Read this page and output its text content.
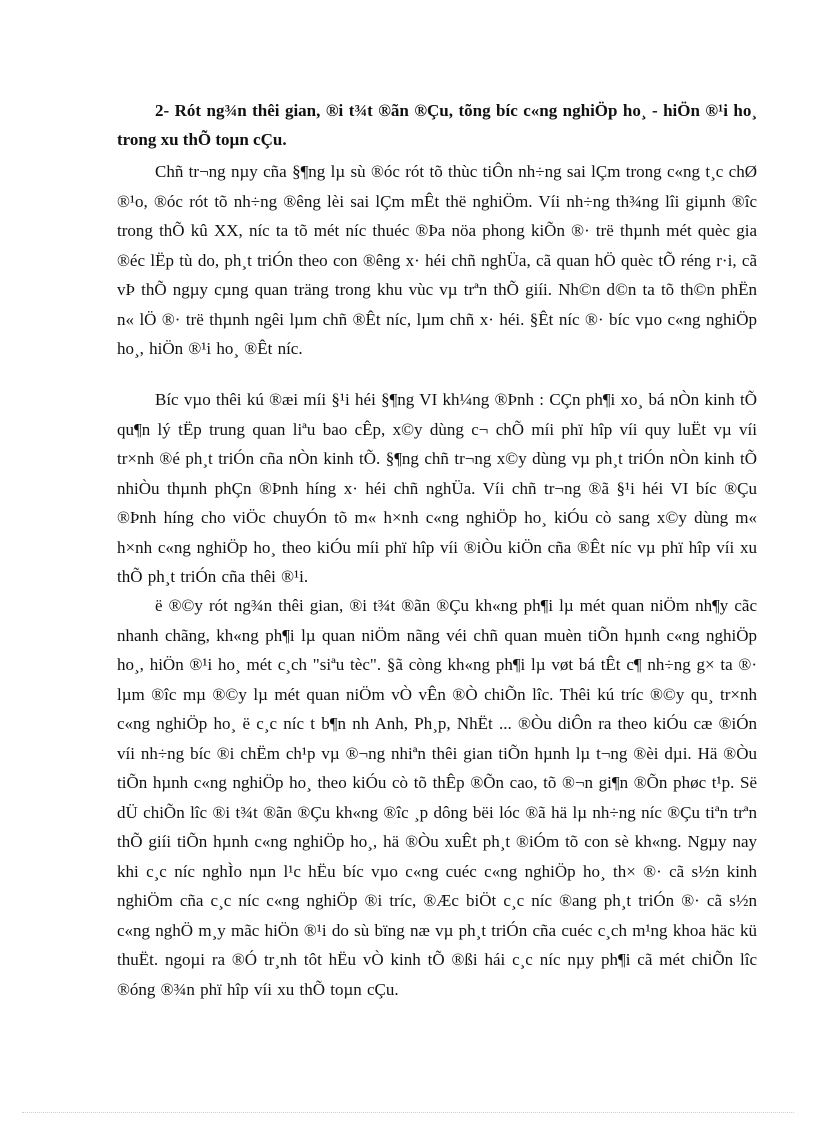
2- Rót ng¾n thêi gian, ®i t¾t ®ãn ®Çu, tõng bíc c«ng nghiÖp ho¸ - hiÖn ®¹i ho¸ trong xu thÕ toµn cÇu.

Chñ tr¬ng nµy cña §¶ng lµ sù ®óc rót tõ thùc tiÔn nh÷ng sai lÇm trong c«ng t¸c chØ ®¹o, ®óc rót tõ nh÷ng ®êng lèi sai lÇm mÊt thë nghiÖm. Víi nh÷ng th¾ng lîi giµnh ®îc trong thÕ kû XX, níc ta tõ mét níc thuéc ®Þa nöa phong kiÕn ®· trë thµnh mét quèc gia ®éc lËp tù do, ph¸t triÓn theo con ®êng x· héi chñ nghÜa, cã quan hÖ quèc tÕ réng r·i, cã vÞ thÕ ngµy cµng quan träng trong khu vùc vµ trªn thÕ giíi. Nh©n d©n ta tõ th©n phËn n« lÖ ®· trë thµnh ngêi lµm chñ ®Êt níc, lµm chñ x· héi. §Êt níc ®· bíc vµo c«ng nghiÖp ho¸, hiÖn ®¹i ho¸ ®Êt níc.

Bíc vµo thêi kú ®æi míi §¹i héi §¶ng VI kh¼ng ®Þnh : CÇn ph¶i xo¸ bá nÒn kinh tÕ qu¶n lý tËp trung quan liªu bao cÊp, x©y dùng c¬ chÕ míi phï hîp víi quy luËt vµ víi tr×nh ®é ph¸t triÓn cña nÒn kinh tÕ. §¶ng chñ tr¬ng x©y dùng vµ ph¸t triÓn nÒn kinh tÕ nhiÒu thµnh phÇn ®Þnh híng x· héi chñ nghÜa. Víi chñ tr¬ng ®ã §¹i héi VI bíc ®Çu ®Þnh híng cho viÖc chuyÓn tõ m« h×nh c«ng nghiÖp ho¸ kiÓu cò sang x©y dùng m« h×nh c«ng nghiÖp ho¸ theo kiÓu míi phï hîp víi ®iÒu kiÖn cña ®Êt níc vµ phï hîp víi xu thÕ ph¸t triÓn cña thêi ®¹i.

ë ®©y rót ng¾n thêi gian, ®i t¾t ®ãn ®Çu kh«ng ph¶i lµ mét quan niÖm nh¶y cãc nhanh chãng, kh«ng ph¶i lµ quan niÖm nãng véi chñ quan muèn tiÕn hµnh c«ng nghiÖp ho¸, hiÖn ®¹i ho¸ mét c¸ch "siªu tèc". §ã còng kh«ng ph¶i lµ vøt bá tÊt c¶ nh÷ng g× ta ®· lµm ®îc mµ ®©y lµ mét quan niÖm vÒ vÊn ®Ò chiÕn lîc. Thêi kú tríc ®©y qu¸ tr×nh c«ng nghiÖp ho¸ ë c¸c níc t b¶n nh Anh, Ph¸p, NhËt ... ®Òu diÔn ra theo kiÓu cæ ®iÓn víi nh÷ng bíc ®i chËm ch¹p vµ ®¬ng nhiªn thêi gian tiÕn hµnh lµ t¬ng ®èi dµi. Hä ®Òu tiÕn hµnh c«ng nghiÖp ho¸ theo kiÓu cò tõ thÊp ®Õn cao, tõ ®¬n gi¶n ®Õn phøc t¹p. Së dÜ chiÕn lîc ®i t¾t ®ãn ®Çu kh«ng ®îc ¸p dông bëi lóc ®ã hä lµ nh÷ng níc ®Çu tiªn trªn thÕ giíi tiÕn hµnh c«ng nghiÖp ho¸, hä ®Òu xuÊt ph¸t ®iÓm tõ con sè kh«ng. Ngµy nay khi c¸c níc nghÌo nµn l¹c hËu bíc vµo c«ng cuéc c«ng nghiÖp ho¸ th× ®· cã s½n kinh nghiÖm cña c¸c níc c«ng nghiÖp ®i tríc, ®Æc biÖt c¸c níc ®ang ph¸t triÓn ®· cã s½n c«ng nghÖ m¸y mãc hiÖn ®¹i do sù bïng næ vµ ph¸t triÓn cña cuéc c¸ch m¹ng khoa häc kü thuËt. ngoµi ra ®Ó tr¸nh tôt hËu vÒ kinh tÕ ®ßi hái c¸c níc nµy ph¶i cã mét chiÕn lîc ®óng ®¾n phï hîp víi xu thÕ toµn cÇu.
